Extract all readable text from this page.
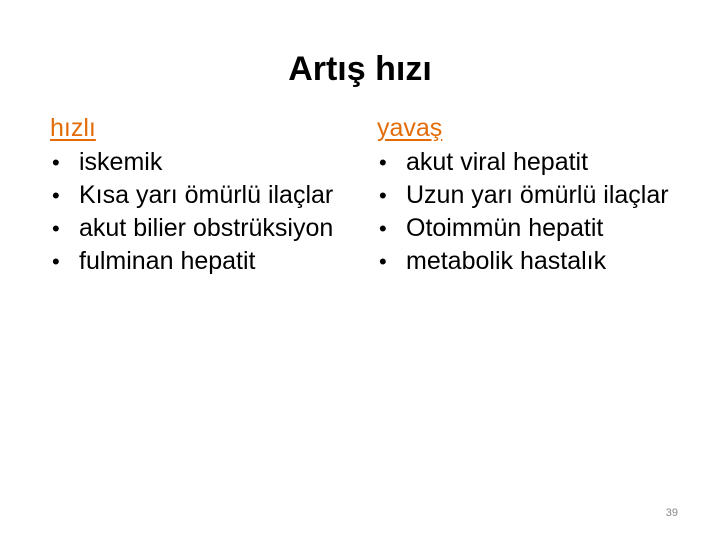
Artış hızı
hızlı
• iskemik
• Kısa yarı ömürlü ilaçlar
• akut bilier obstrüksiyon
• fulminan hepatit
yavaş
• akut viral hepatit
• Uzun yarı ömürlü ilaçlar
• Otoimmün hepatit
• metabolik hastalık
39
